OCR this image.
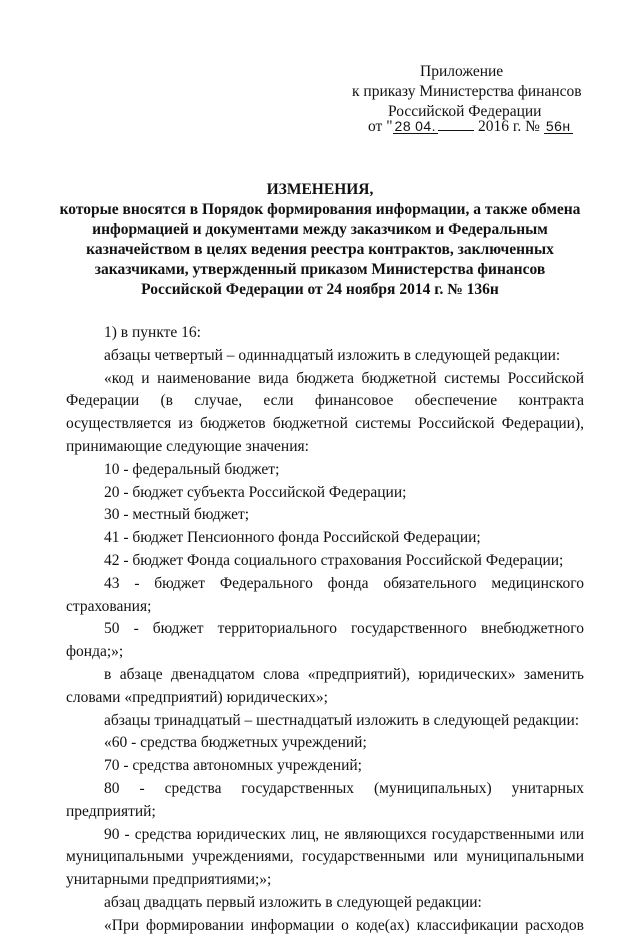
Приложение
к приказу Министерства финансов
Российской Федерации
от " 28 04.	2016 г. № 56н
ИЗМЕНЕНИЯ,
которые вносятся в Порядок формирования информации, а также обмена
информацией и документами между заказчиком и Федеральным
казначейством в целях ведения реестра контрактов, заключенных
заказчиками, утвержденный приказом Министерства финансов
Российской Федерации от 24 ноября 2014 г. № 136н

1) в пункте 16:

абзацы четвертый – одиннадцатый изложить в следующей редакции:

«код и наименование вида бюджета бюджетной системы Российской Федерации (в случае, если финансовое обеспечение контракта осуществляется из бюджетов бюджетной системы Российской Федерации), принимающие следующие значения:

10 - федеральный бюджет;

20 - бюджет субъекта Российской Федерации;

30 - местный бюджет;

41 - бюджет Пенсионного фонда Российской Федерации;

42 - бюджет Фонда социального страхования Российской Федерации;

43 - бюджет Федерального фонда обязательного медицинского страхования;

50 - бюджет территориального государственного внебюджетного фонда;»;

в абзаце двенадцатом слова «предприятий), юридических» заменить словами «предприятий) юридических»;

абзацы тринадцатый – шестнадцатый изложить в следующей редакции:

«60 - средства бюджетных учреждений;

70 - средства автономных учреждений;

80 - средства государственных (муниципальных) унитарных предприятий;

90 - средства юридических лиц, не являющихся государственными или муниципальными учреждениями, государственными или муниципальными унитарными предприятиями;»;

абзац двадцать первый изложить в следующей редакции:

«При формировании информации о коде(ах) классификации расходов
